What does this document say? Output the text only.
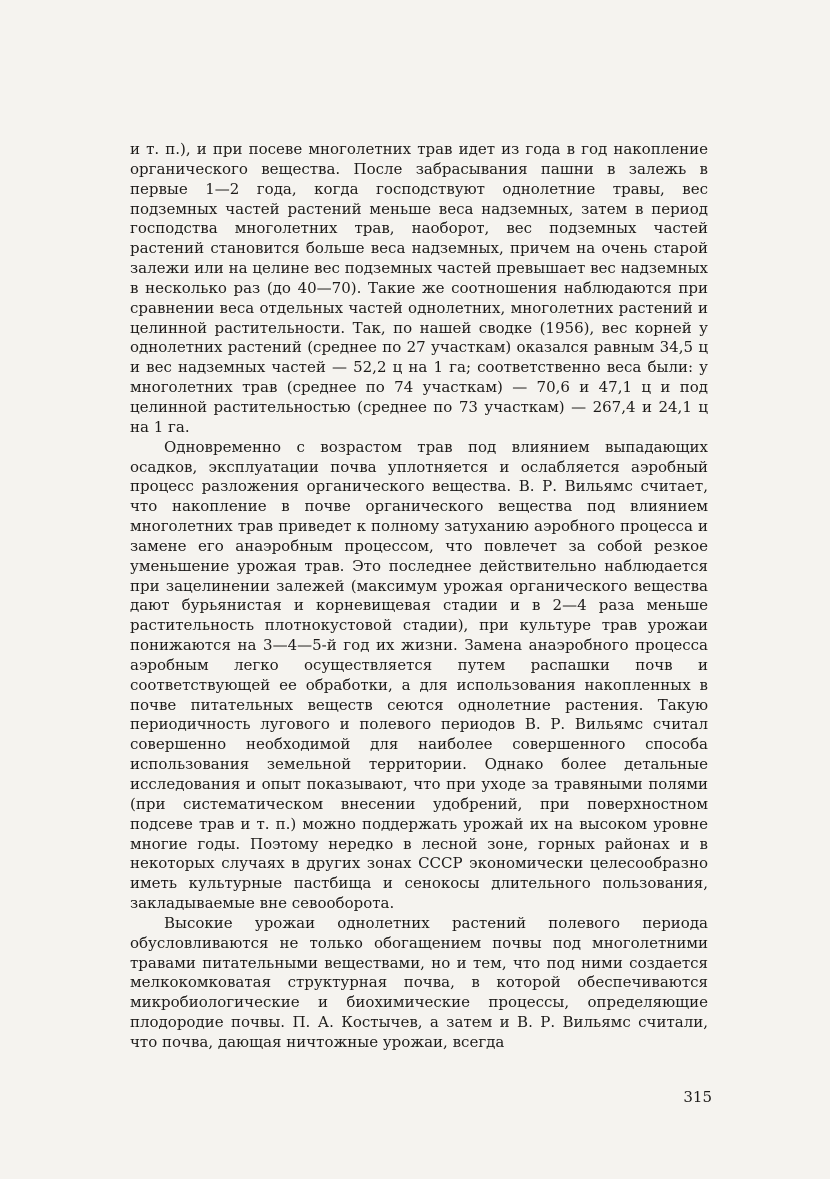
и т. п.), и при посеве многолетних трав идет из года в год накопление органического вещества. После забрасывания пашни в залежь в первые 1—2 года, когда господствуют однолетние травы, вес подземных частей растений меньше веса надземных, затем в период господства многолетних трав, наоборот, вес подземных частей растений становится больше веса надземных, причем на очень старой залежи или на целине вес подземных частей превышает вес надземных в несколько раз (до 40—70). Такие же соотношения наблюдаются при сравнении веса отдельных частей однолетних, многолетних растений и целинной растительности. Так, по нашей сводке (1956), вес корней у однолетних растений (среднее по 27 участкам) оказался равным 34,5 ц и вес надземных частей — 52,2 ц на 1 га; соответственно веса были: у многолетних трав (среднее по 74 участкам) — 70,6 и 47,1 ц и под целинной растительностью (среднее по 73 участкам) — 267,4 и 24,1 ц на 1 га.

Одновременно с возрастом трав под влиянием выпадающих осадков, эксплуатации почва уплотняется и ослабляется аэробный процесс разложения органического вещества. В. Р. Вильямс считает, что накопление в почве органического вещества под влиянием многолетних трав приведет к полному затуханию аэробного процесса и замене его анаэробным процессом, что повлечет за собой резкое уменьшение урожая трав. Это последнее действительно наблюдается при зацелинении залежей (максимум урожая органического вещества дают бурьянистая и корневищевая стадии и в 2—4 раза меньше растительность плотнокустовой стадии), при культуре трав урожаи понижаются на 3—4—5-й год их жизни. Замена анаэробного процесса аэробным легко осуществляется путем распашки почв и соответствующей ее обработки, а для использования накопленных в почве питательных веществ сеются однолетние растения. Такую периодичность лугового и полевого периодов В. Р. Вильямс считал совершенно необходимой для наиболее совершенного способа использования земельной территории. Однако более детальные исследования и опыт показывают, что при уходе за травяными полями (при систематическом внесении удобрений, при поверхностном подсеве трав и т. п.) можно поддержать урожай их на высоком уровне многие годы. Поэтому нередко в лесной зоне, горных районах и в некоторых случаях в других зонах СССР экономически целесообразно иметь культурные пастбища и сенокосы длительного пользования, закладываемые вне севооборота.

Высокие урожаи однолетних растений полевого периода обусловливаются не только обогащением почвы под многолетними травами питательными веществами, но и тем, что под ними создается мелкокомковатая структурная почва, в которой обеспечиваются микробиологические и биохимические процессы, определяющие плодородие почвы. П. А. Костычев, а затем и В. Р. Вильямс считали, что почва, дающая ничтожные урожаи, всегда

315
